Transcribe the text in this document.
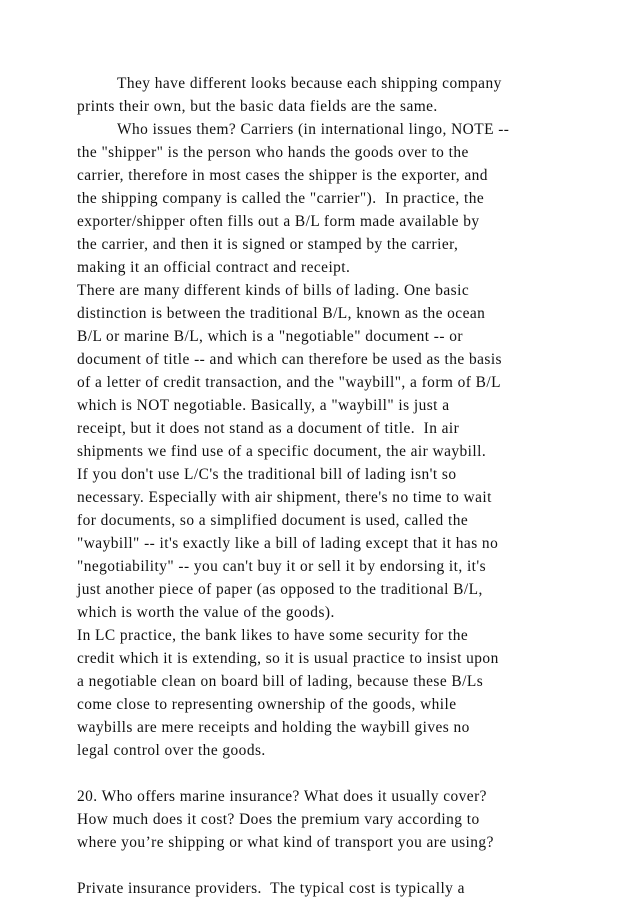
They have different looks because each shipping company
prints their own, but the basic data fields are the same.
Who issues them? Carriers (in international lingo, NOTE --
the "shipper" is the person who hands the goods over to the
carrier, therefore in most cases the shipper is the exporter, and
the shipping company is called the "carrier").  In practice, the
exporter/shipper often fills out a B/L form made available by
the carrier, and then it is signed or stamped by the carrier,
making it an official contract and receipt.
There are many different kinds of bills of lading. One basic
distinction is between the traditional B/L, known as the ocean
B/L or marine B/L, which is a "negotiable" document -- or
document of title -- and which can therefore be used as the basis
of a letter of credit transaction, and the "waybill", a form of B/L
which is NOT negotiable. Basically, a "waybill" is just a
receipt, but it does not stand as a document of title.  In air
shipments we find use of a specific document, the air waybill.
If you don't use L/C's the traditional bill of lading isn't so
necessary. Especially with air shipment, there's no time to wait
for documents, so a simplified document is used, called the
"waybill" -- it's exactly like a bill of lading except that it has no
"negotiability" -- you can't buy it or sell it by endorsing it, it's
just another piece of paper (as opposed to the traditional B/L,
which is worth the value of the goods).
In LC practice, the bank likes to have some security for the
credit which it is extending, so it is usual practice to insist upon
a negotiable clean on board bill of lading, because these B/Ls
come close to representing ownership of the goods, while
waybills are mere receipts and holding the waybill gives no
legal control over the goods.
20. Who offers marine insurance? What does it usually cover?
How much does it cost? Does the premium vary according to
where you’re shipping or what kind of transport you are using?
Private insurance providers.  The typical cost is typically a
